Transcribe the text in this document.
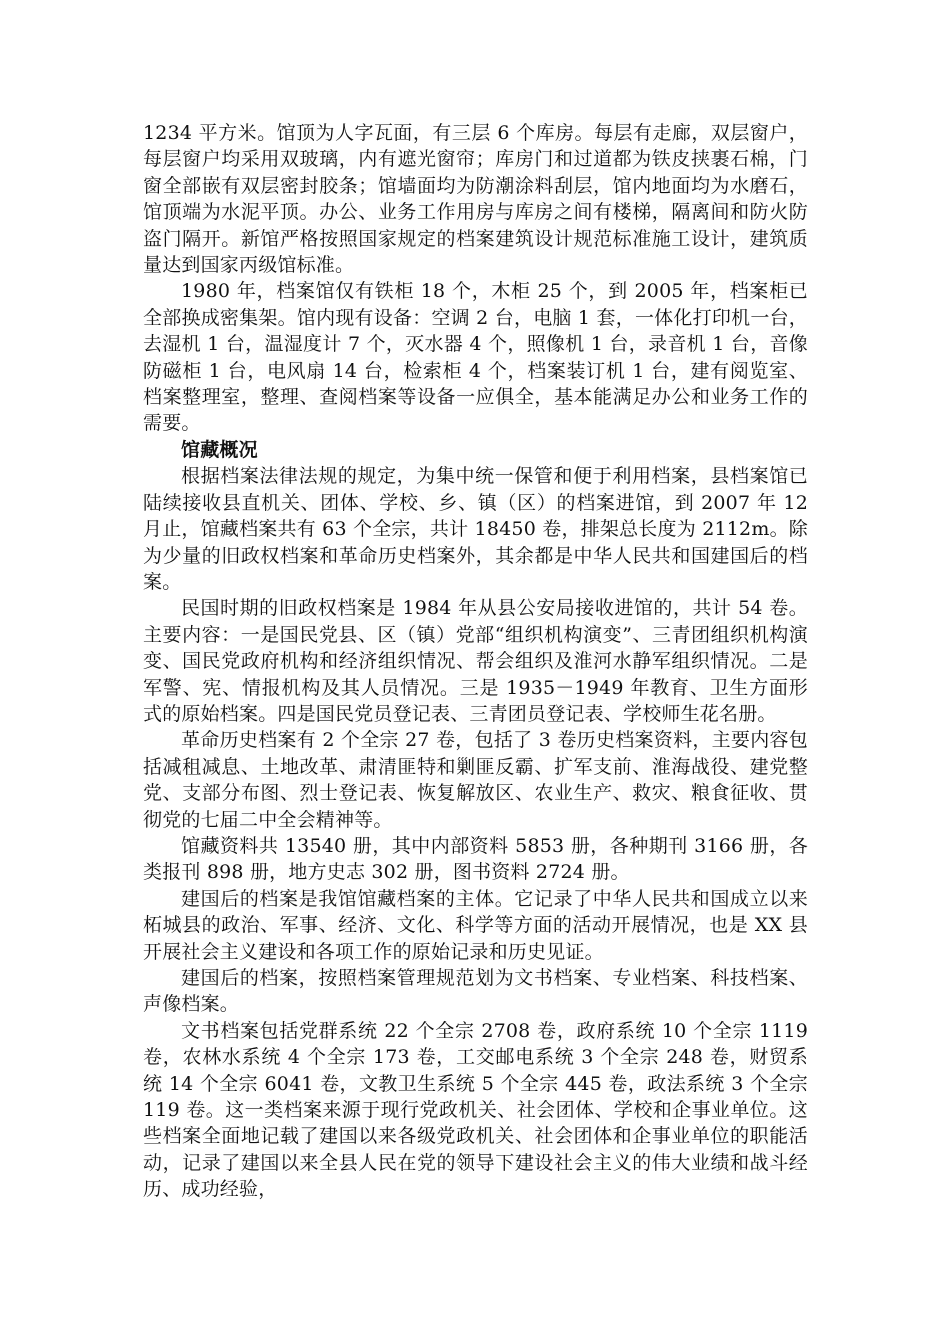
1234 平方米。馆顶为人字瓦面，有三层 6 个库房。每层有走廊，双层窗户，每层窗户均采用双玻璃，内有遮光窗帘；库房门和过道都为铁皮挟裹石棉，门窗全部嵌有双层密封胶条；馆墙面均为防潮涂料刮层，馆内地面均为水磨石，馆顶端为水泥平顶。办公、业务工作用房与库房之间有楼梯，隔离间和防火防盗门隔开。新馆严格按照国家规定的档案建筑设计规范标准施工设计，建筑质量达到国家丙级馆标准。

1980 年，档案馆仅有铁柜 18 个，木柜 25 个，到 2005 年，档案柜已全部换成密集架。馆内现有设备：空调 2 台，电脑 1 套，一体化打印机一台，去湿机 1 台，温湿度计 7 个，灭水器 4 个，照像机 1 台，录音机 1 台，音像防磁柜 1 台，电风扇 14 台，检索柜 4 个，档案装订机 1 台，建有阅览室、档案整理室，整理、查阅档案等设备一应俱全，基本能满足办公和业务工作的需要。

馆藏概况

根据档案法律法规的规定，为集中统一保管和便于利用档案，县档案馆已陆续接收县直机关、团体、学校、乡、镇（区）的档案进馆，到 2007 年 12 月止，馆藏档案共有 63 个全宗，共计 18450 卷，排架总长度为 2112m。除为少量的旧政权档案和革命历史档案外，其余都是中华人民共和国建国后的档案。

民国时期的旧政权档案是 1984 年从县公安局接收进馆的，共计 54 卷。主要内容：一是国民党县、区（镇）党部“组织机构演变”、三青团组织机构演变、国民党政府机构和经济组织情况、帮会组织及淮河水静军组织情况。二是军警、宪、情报机构及其人员情况。三是 1935－1949 年教育、卫生方面形式的原始档案。四是国民党员登记表、三青团员登记表、学校师生花名册。

革命历史档案有 2 个全宗 27 卷，包括了 3 卷历史档案资料，主要内容包括减租减息、土地改革、肃清匪特和剿匪反霸、扩军支前、淮海战役、建党整党、支部分布图、烈士登记表、恢复解放区、农业生产、救灾、粮食征收、贯彻党的七届二中全会精神等。

馆藏资料共 13540 册，其中内部资料 5853 册，各种期刊 3166 册，各类报刊 898 册，地方史志 302 册，图书资料 2724 册。

建国后的档案是我馆馆藏档案的主体。它记录了中华人民共和国成立以来柘城县的政治、军事、经济、文化、科学等方面的活动开展情况，也是 XX 县开展社会主义建设和各项工作的原始记录和历史见证。

建国后的档案，按照档案管理规范划为文书档案、专业档案、科技档案、声像档案。

文书档案包括党群系统 22 个全宗 2708 卷，政府系统 10 个全宗 1119 卷，农林水系统 4 个全宗 173 卷，工交邮电系统 3 个全宗 248 卷，财贸系统 14 个全宗 6041 卷，文教卫生系统 5 个全宗 445 卷，政法系统 3 个全宗 119 卷。这一类档案来源于现行党政机关、社会团体、学校和企事业单位。这些档案全面地记载了建国以来各级党政机关、社会团体和企事业单位的职能活动，记录了建国以来全县人民在党的领导下建设社会主义的伟大业绩和战斗经历、成功经验，
